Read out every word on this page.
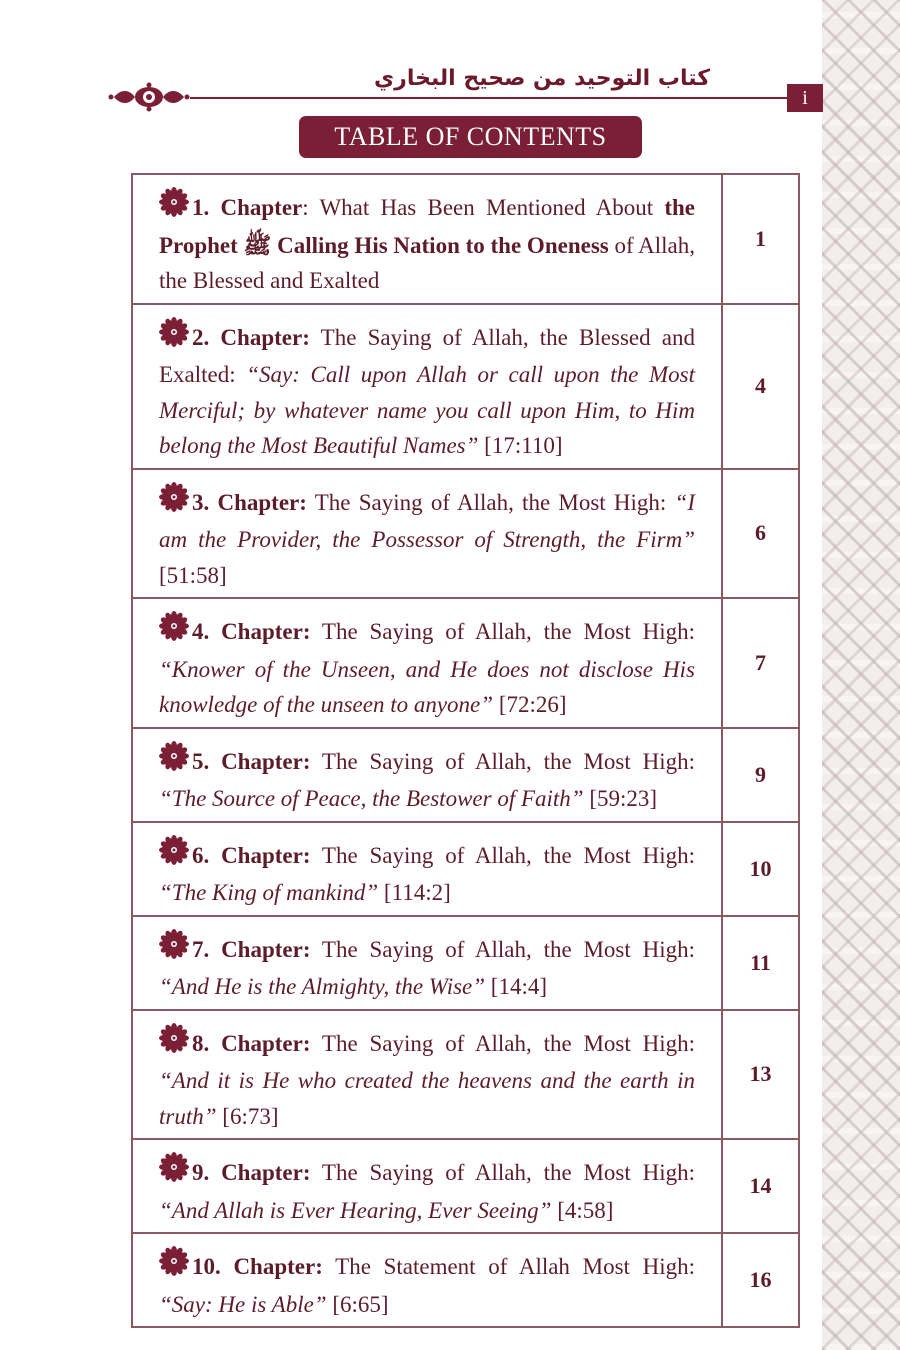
كتاب التوحيد من صحيح البخاري
i
TABLE OF CONTENTS
1. Chapter: What Has Been Mentioned About the Prophet ﷺ Calling His Nation to the Oneness of Allah, the Blessed and Exalted	1
2. Chapter: The Saying of Allah, the Blessed and Exalted: “Say: Call upon Allah or call upon the Most Merciful; by whatever name you call upon Him, to Him belong the Most Beautiful Names” [17:110]	4
3. Chapter: The Saying of Allah, the Most High: “I am the Provider, the Possessor of Strength, the Firm” [51:58]	6
4. Chapter: The Saying of Allah, the Most High: “Knower of the Unseen, and He does not disclose His knowledge of the unseen to anyone” [72:26]	7
5. Chapter: The Saying of Allah, the Most High: “The Source of Peace, the Bestower of Faith” [59:23]	9
6. Chapter: The Saying of Allah, the Most High: “The King of mankind” [114:2]	10
7. Chapter: The Saying of Allah, the Most High: “And He is the Almighty, the Wise” [14:4]	11
8. Chapter: The Saying of Allah, the Most High: “And it is He who created the heavens and the earth in truth” [6:73]	13
9. Chapter: The Saying of Allah, the Most High: “And Allah is Ever Hearing, Ever Seeing” [4:58]	14
10. Chapter: The Statement of Allah Most High: “Say: He is Able” [6:65]	16
